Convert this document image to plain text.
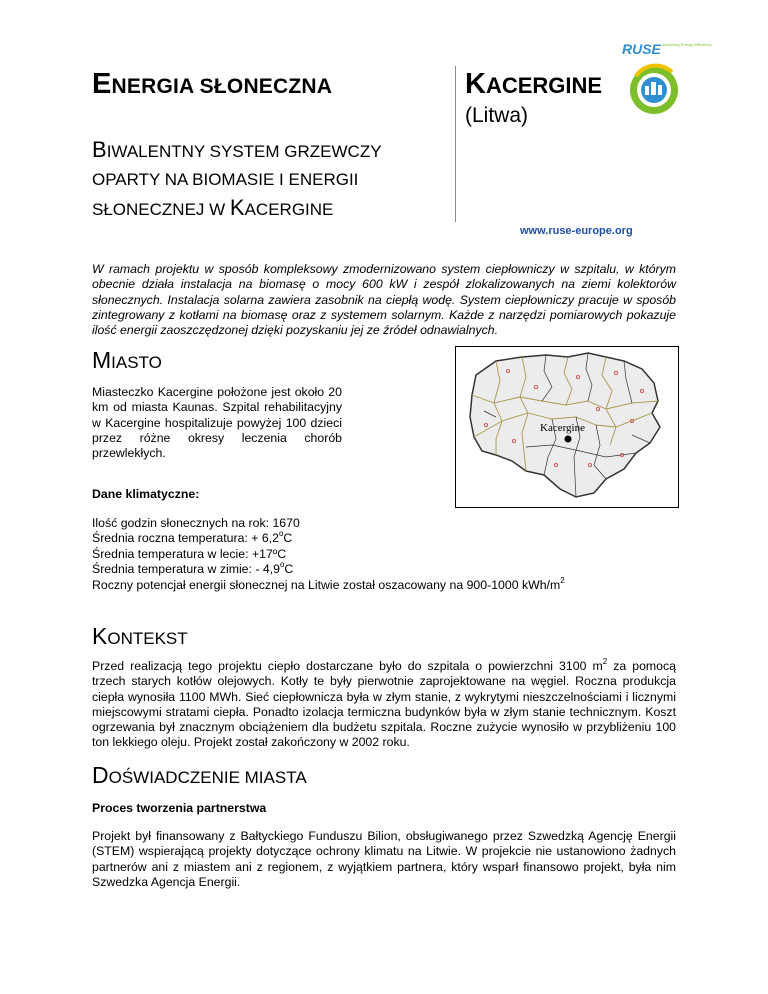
ENERGIA SŁONECZNA	KACERGINE
(Litwa)
BIWALENTNY SYSTEM GRZEWCZY
OPARTY NA BIOMASIE I ENERGII
SŁONECZNEJ W KACERGINE
RUSE Improving Energy Efficiency
www.ruse-europe.org
W ramach projektu w sposób kompleksowy zmodernizowano system ciepłowniczy w szpitalu, w którym obecnie działa instalacja na biomasę o mocy 600 kW i zespół zlokalizowanych na ziemi kolektorów słonecznych. Instalacja solarna zawiera zasobnik na ciepłą wodę. System ciepłowniczy pracuje w sposób zintegrowany z kotłami na biomasę oraz z systemem solarnym. Każde z narzędzi pomiarowych pokazuje ilość energii zaoszczędzonej dzięki pozyskaniu jej ze źródeł odnawialnych.
MIASTO
Miasteczko Kacergine położone jest około 20 km od miasta Kaunas. Szpital rehabilitacyjny w Kacergine hospitalizuje powyżej 100 dzieci przez różne okresy leczenia chorób przewlekłych.
Kacergine
Dane klimatyczne:
Ilość godzin słonecznych na rok: 1670
Średnia roczna temperatura: + $6,2^oC$
Średnia temperatura w lecie: +17ºC
Średnia temperatura w zimie: - 4,9$^o$C
Roczny potencjał energii słonecznej na Litwie został oszacowany na 900-1000 kWh/$m^2$
KONTEKST
Przed realizacją tego projektu ciepło dostarczane było do szpitala o powierzchni 3100 $m^2$ za pomocą trzech starych kotłów olejowych. Kotły te były pierwotnie zaprojektowane na węgiel. Roczna produkcja ciepła wynosiła 1100 MWh. Sieć ciepłownicza była w złym stanie, z wykrytymi nieszczelnościami i licznymi miejscowymi stratami ciepła. Ponadto izolacja termiczna budynków była w złym stanie technicznym. Koszt ogrzewania był znacznym obciążeniem dla budżetu szpitala. Roczne zużycie wynosiło w przybliżeniu 100 ton lekkiego oleju. Projekt został zakończony w 2002 roku.
DOŚWIADCZENIE MIASTA
Proces tworzenia partnerstwa
Projekt był finansowany z Bałtyckiego Funduszu Bilion, obsługiwanego przez Szwedzką Agencję Energii (STEM) wspierającą projekty dotyczące ochrony klimatu na Litwie. W projekcie nie ustanowiono żadnych partnerów ani z miastem ani z regionem, z wyjątkiem partnera, który wsparł finansowo projekt, była nim Szwedzka Agencja Energii.
